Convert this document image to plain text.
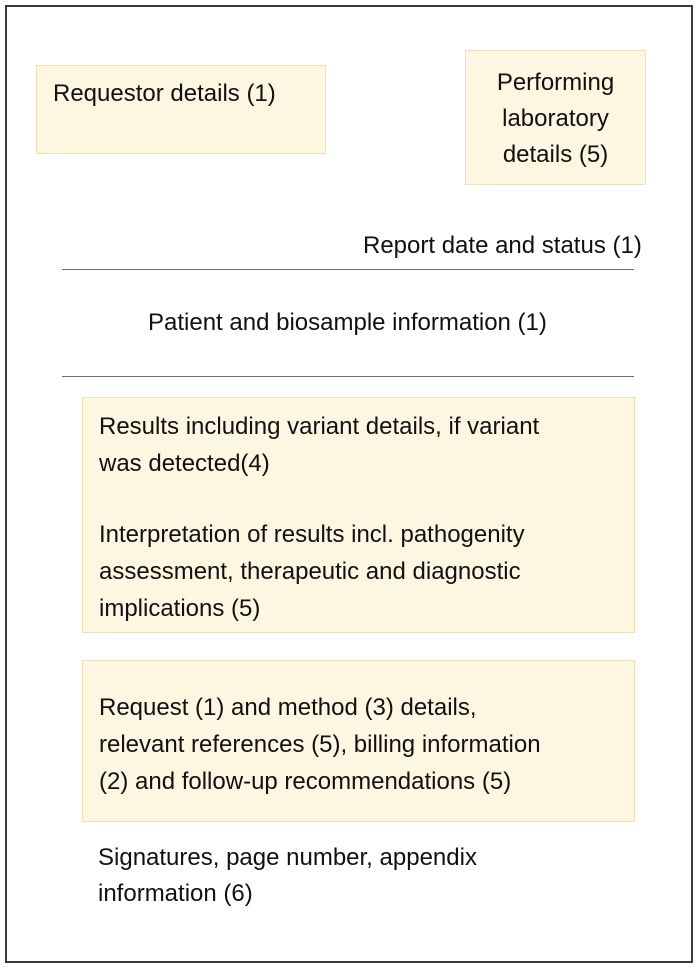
Requestor details (1)	Performing
laboratory
details (5)
Report date and status (1)
Patient and biosample information (1)
Results including variant details, if variant
was detected(4)
Interpretation of results incl. pathogenity
assessment, therapeutic and diagnostic
implications (5)
Request (1) and method (3) details,
relevant references (5), billing information
(2) and follow-up recommendations (5)
Signatures, page number, appendix
information (6)
